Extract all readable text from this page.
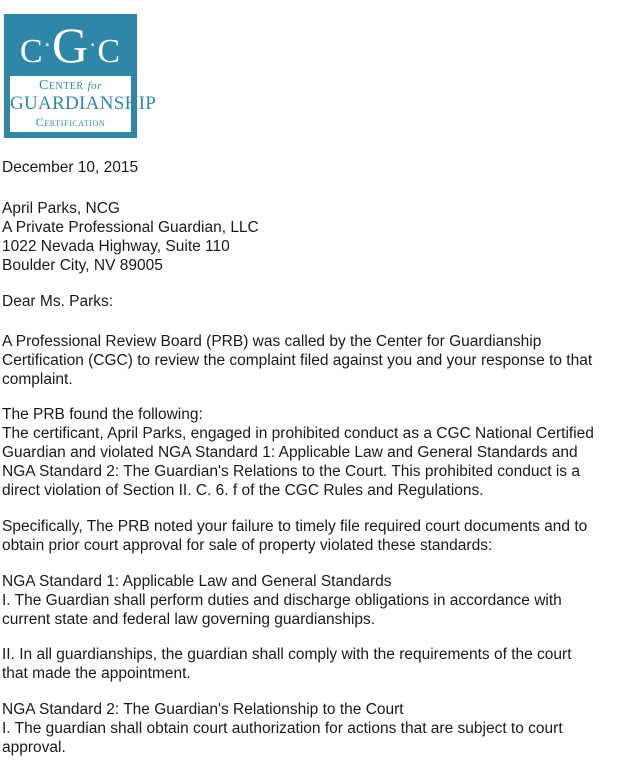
C·G·C
Center for
GUARDIANSHIP
Certification

December 10, 2015

April Parks, NCG
A Private Professional Guardian, LLC
1022 Nevada Highway, Suite 110
Boulder City, NV 89005

Dear Ms. Parks:

A Professional Review Board (PRB) was called by the Center for Guardianship
Certification (CGC) to review the complaint filed against you and your response to that
complaint.

The PRB found the following:
The certificant, April Parks, engaged in prohibited conduct as a CGC National Certified
Guardian and violated NGA Standard 1: Applicable Law and General Standards and
NGA Standard 2: The Guardian's Relations to the Court. This prohibited conduct is a
direct violation of Section II. C. 6. f of the CGC Rules and Regulations.

Specifically, The PRB noted your failure to timely file required court documents and to
obtain prior court approval for sale of property violated these standards:

NGA Standard 1: Applicable Law and General Standards
I. The Guardian shall perform duties and discharge obligations in accordance with
current state and federal law governing guardianships.

II. In all guardianships, the guardian shall comply with the requirements of the court
that made the appointment.

NGA Standard 2: The Guardian's Relationship to the Court
I. The guardian shall obtain court authorization for actions that are subject to court
approval.
